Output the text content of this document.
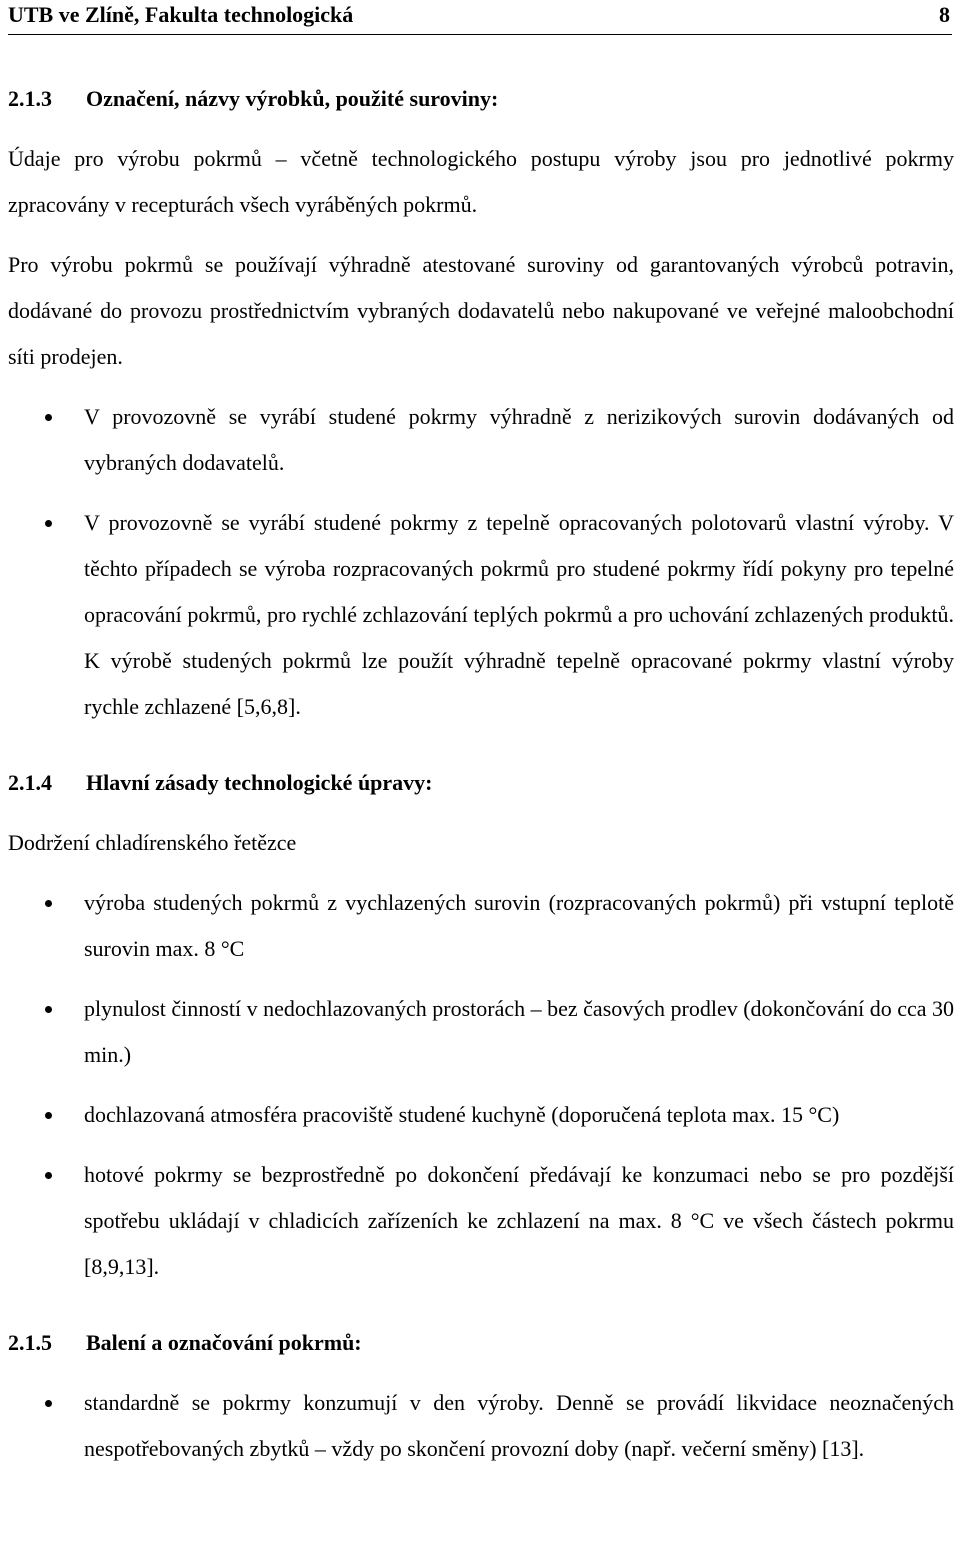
UTB ve Zlíně, Fakulta technologická	8
2.1.3	Označení, názvy výrobků, použité suroviny:

Údaje pro výrobu pokrmů – včetně technologického postupu výroby jsou pro jednotlivé pokrmy zpracovány v recepturách všech vyráběných pokrmů.

Pro výrobu pokrmů se používají výhradně atestované suroviny od garantovaných výrobců potravin, dodávané do provozu prostřednictvím vybraných dodavatelů nebo nakupované ve veřejné maloobchodní síti prodejen.

V provozovně se vyrábí studené pokrmy výhradně z nerizikových surovin dodávaných od vybraných dodavatelů.
V provozovně se vyrábí studené pokrmy z tepelně opracovaných polotovarů vlastní výroby. V těchto případech se výroba rozpracovaných pokrmů pro studené pokrmy řídí pokyny pro tepelné opracování pokrmů, pro rychlé zchlazování teplých pokrmů a pro uchování zchlazených produktů. K výrobě studených pokrmů lze použít výhradně tepelně opracované pokrmy vlastní výroby rychle zchlazené [5,6,8].
2.1.4	Hlavní zásady technologické úpravy:

Dodržení chladírenského řetězce

výroba studených pokrmů z vychlazených surovin (rozpracovaných pokrmů) při vstupní teplotě surovin max. 8 °C
plynulost činností v nedochlazovaných prostorách – bez časových prodlev (dokončování do cca 30 min.)
dochlazovaná atmosféra pracoviště studené kuchyně (doporučená teplota max. 15 °C)
hotové pokrmy se bezprostředně po dokončení předávají ke konzumaci nebo se pro pozdější spotřebu ukládají v chladicích zařízeních ke zchlazení na max. 8 °C ve všech částech pokrmu [8,9,13].
2.1.5	Balení a označování pokrmů:
standardně se pokrmy konzumují v den výroby. Denně se provádí likvidace neoznačených nespotřebovaných zbytků – vždy po skončení provozní doby (např. večerní směny) [13].
